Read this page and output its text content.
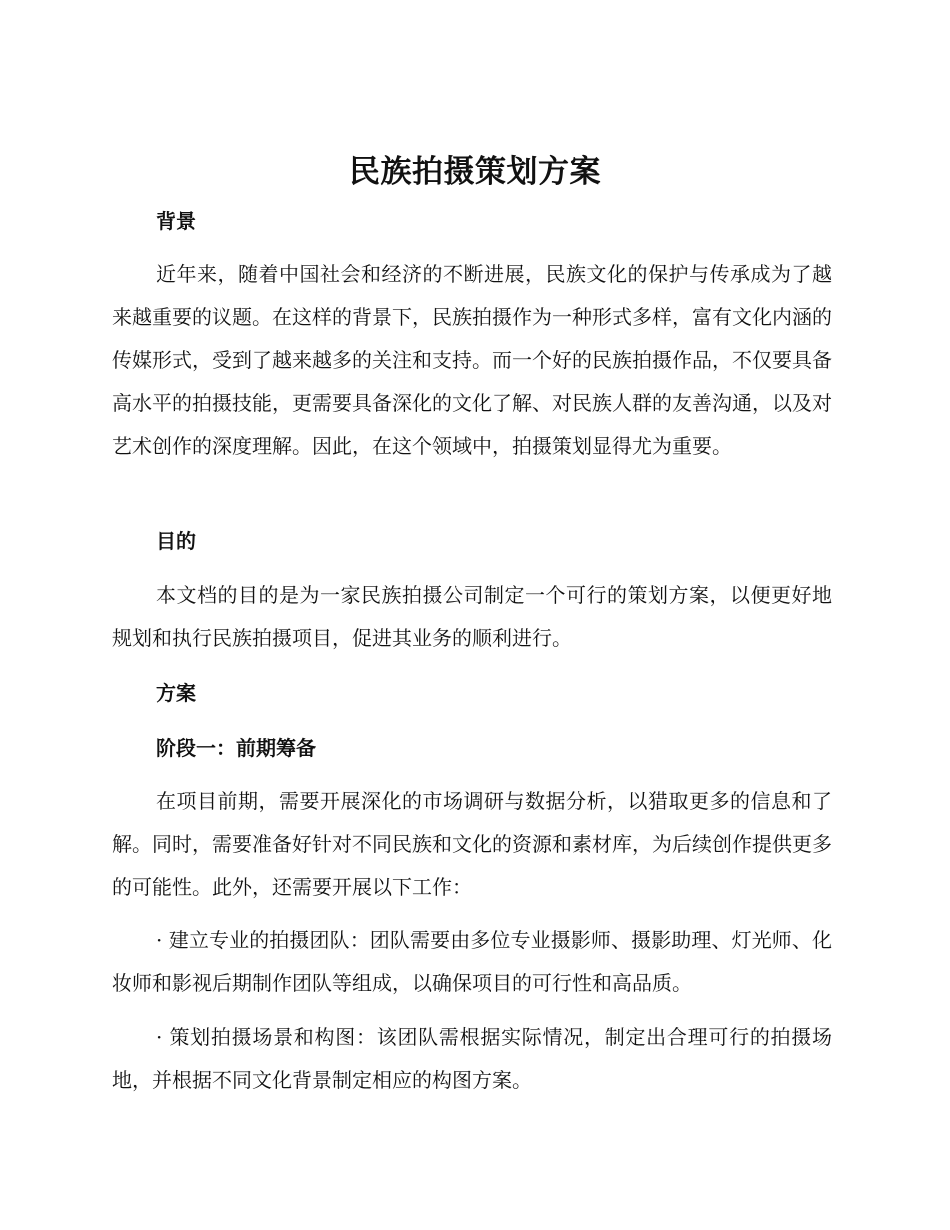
民族拍摄策划方案
背景

近年来，随着中国社会和经济的不断进展，民族文化的保护与传承成为了越来越重要的议题。在这样的背景下，民族拍摄作为一种形式多样，富有文化内涵的传媒形式，受到了越来越多的关注和支持。而一个好的民族拍摄作品，不仅要具备高水平的拍摄技能，更需要具备深化的文化了解、对民族人群的友善沟通，以及对艺术创作的深度理解。因此，在这个领域中，拍摄策划显得尤为重要。

目的

本文档的目的是为一家民族拍摄公司制定一个可行的策划方案，以便更好地规划和执行民族拍摄项目，促进其业务的顺利进行。

方案
阶段一：前期筹备

在项目前期，需要开展深化的市场调研与数据分析，以猎取更多的信息和了解。同时，需要准备好针对不同民族和文化的资源和素材库，为后续创作提供更多的可能性。此外，还需要开展以下工作：

· 建立专业的拍摄团队：团队需要由多位专业摄影师、摄影助理、灯光师、化妆师和影视后期制作团队等组成，以确保项目的可行性和高品质。

· 策划拍摄场景和构图：该团队需根据实际情况，制定出合理可行的拍摄场地，并根据不同文化背景制定相应的构图方案。
